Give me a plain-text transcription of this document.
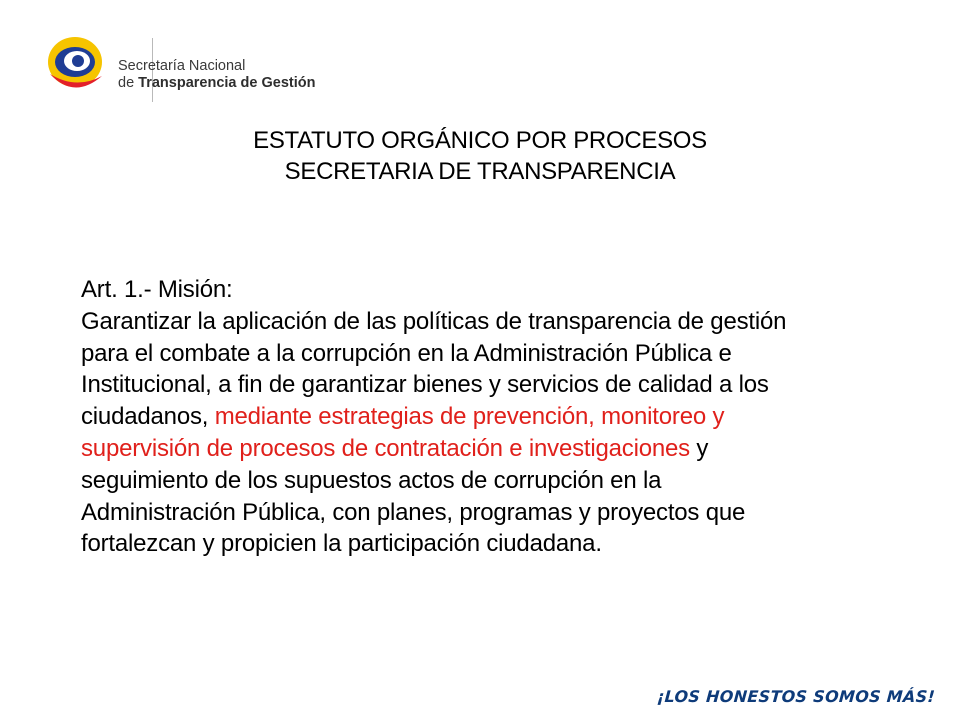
Secretaría Nacional
de Transparencia de Gestión
ESTATUTO ORGÁNICO POR PROCESOS
SECRETARIA DE TRANSPARENCIA
Art. 1.- Misión:
Garantizar la aplicación de las políticas de transparencia de gestión
para el combate a la corrupción en la Administración Pública e
Institucional, a fin de garantizar bienes y servicios de calidad a los
ciudadanos, mediante estrategias de prevención, monitoreo y
supervisión de procesos de contratación e investigaciones y
seguimiento de los supuestos actos de corrupción en la
Administración Pública, con planes, programas y proyectos que
fortalezcan y propicien la participación ciudadana.
¡LOS HONESTOS SOMOS MÁS!
